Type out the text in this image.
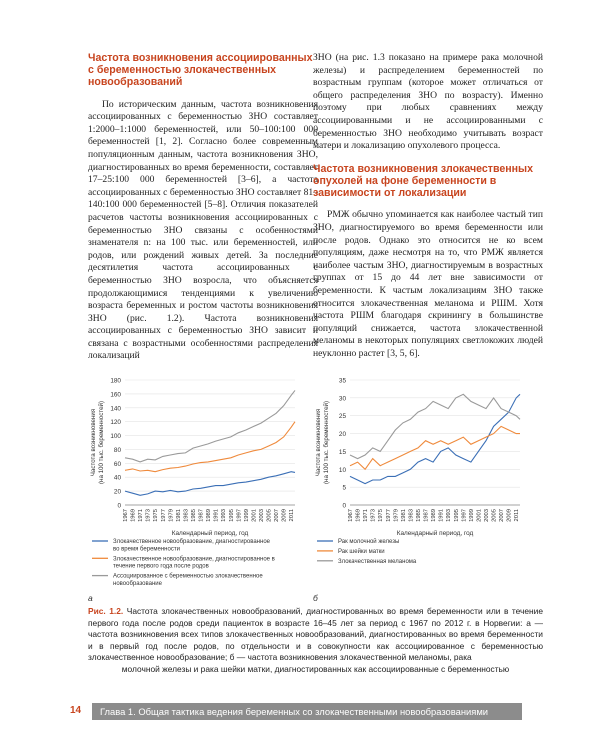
Частота возникновения ассоциированных с беременностью злокачественных новообразований

По историческим данным, частота возникновения ассоциированных с беременностью ЗНО составляет 1:2000–1:1000 беременностей, или 50–100:100 000 беременностей [1, 2]. Согласно более современным популяционным данным, частота возникновения ЗНО, диагностированных во время беременности, составляет 17–25:100 000 беременностей [3–6], а частота ассоциированных с беременностью ЗНО составляет 81–140:100 000 беременностей [5–8]. Отличия показателей расчетов частоты возникновения ассоциированных с беременностью ЗНО связаны с особенностями знаменателя n: на 100 тыс. или беременностей, или родов, или рождений живых детей. За последние десятилетия частота ассоциированных с беременностью ЗНО возросла, что объясняется продолжающимися тенденциями к увеличению возраста беременных и ростом частоты возникновения ЗНО (рис. 1.2). Частота возникновения ассоциированных с беременностью ЗНО зависит и связана с возрастными особенностями распределения локализаций

ЗНО (на рис. 1.3 показано на примере рака молочной железы) и распределением беременностей по возрастным группам (которое может отличаться от общего распределения ЗНО по возрасту). Именно поэтому при любых сравнениях между ассоциированными и не ассоциированными с беременностью ЗНО необходимо учитывать возраст матери и локализацию опухолевого процесса.

Частота возникновения злокачественных опухолей на фоне беременности в зависимости от локализации

РМЖ обычно упоминается как наиболее частый тип ЗНО, диагностируемого во время беременности или после родов. Однако это относится не ко всем популяциям, даже несмотря на то, что РМЖ является наиболее частым ЗНО, диагностируемым в возрастных группах от 15 до 44 лет вне зависимости от беременности. К частым локализациям ЗНО также относится злокачественная меланома и РШМ. Хотя частота РШМ благодаря скринингу в большинстве популяций снижается, частота злокачественной меланомы в некоторых популяциях светлокожих людей неуклонно растет [3, 5, 6].

0
20
40
60
80
100
120
140
160
180
1967 1969 1971 1973 1975 1977 1979 1981 1983 1985 1987 1989 1991 1993 1995 1997 1999 2001 2003 2005 2007 2009 2011
Календарный период, год
Частота возникновения(на 100 тыс. беременностей)
Злокачественное новообразование, диагностированное
во время беременности
Злокачественное новообразование, диагностированное в
течение первого года после родов
Ассоциированное с беременностью злокачественное
новообразование
а
0
5
10
15
20
25
30
35
1967 1969 1971 1973 1975 1977 1979 1981 1983 1985 1987 1989 1991 1993 1995 1997 1999 2001 2003 2005 2007 2009 2011
Календарный период, год
Частота возникновения(на 100 тыс. беременностей)
Рак молочной железы
Рак шейки матки
Злокачественная меланома
б
Рис. 1.2. Частота злокачественных новообразований, диагностированных во время беременности или в течение первого года после родов среди пациенток в возрасте 16–45 лет за период с 1967 по 2012 г. в Норвегии: а — частота возникновения всех типов злокачественных новообразований, диагностированных во время беременности и в первый год после родов, по отдельности и в совокупности как ассоциированное с беременностью злокачественное новообразование; б — частота возникновения злокачественной меланомы, рака
молочной железы и рака шейки матки, диагностированных как ассоциированные с беременностью
14 Глава 1. Общая тактика ведения беременных со злокачественными новообразованиями
